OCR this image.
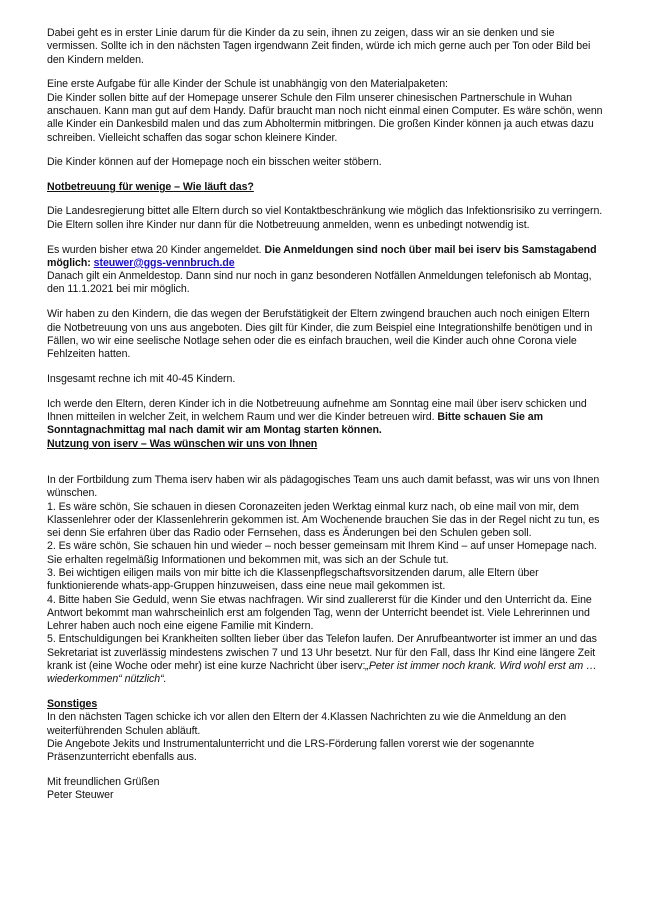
Dabei geht es in erster Linie darum für die Kinder da zu sein, ihnen zu zeigen, dass wir an sie denken und sie vermissen. Sollte ich in den nächsten Tagen irgendwann Zeit finden, würde ich mich gerne auch per Ton oder Bild bei den Kindern melden.

Eine erste Aufgabe für alle Kinder der Schule ist unabhängig von den Materialpaketen:
Die Kinder sollen bitte auf der Homepage unserer Schule den Film unserer chinesischen Partnerschule in Wuhan anschauen. Kann man gut auf dem Handy. Dafür braucht man noch nicht einmal einen Computer. Es wäre schön, wenn alle Kinder ein Dankesbild malen und das zum Abholtermin mitbringen. Die großen Kinder können ja auch etwas dazu schreiben. Vielleicht schaffen das sogar schon kleinere Kinder.

Die Kinder können auf der Homepage noch ein bisschen weiter stöbern.

Notbetreuung für wenige – Wie läuft das?

Die Landesregierung bittet alle Eltern durch so viel Kontaktbeschränkung wie möglich das Infektionsrisiko zu verringern. Die Eltern sollen ihre Kinder nur dann für die Notbetreuung anmelden, wenn es unbedingt notwendig ist.

Es wurden bisher etwa 20 Kinder angemeldet. Die Anmeldungen sind noch über mail bei iserv bis Samstagabend möglich: steuwer@ggs-vennbruch.de
Danach gilt ein Anmeldestop. Dann sind nur noch in ganz besonderen Notfällen Anmeldungen telefonisch ab Montag, den 11.1.2021 bei mir möglich.

Wir haben zu den Kindern, die das wegen der Berufstätigkeit der Eltern zwingend brauchen auch noch einigen Eltern die Notbetreuung von uns aus angeboten. Dies gilt für Kinder, die zum Beispiel eine Integrationshilfe benötigen und in Fällen, wo wir eine seelische Notlage sehen oder die es einfach brauchen, weil die Kinder auch ohne Corona viele Fehlzeiten hatten.

Insgesamt rechne ich mit 40-45 Kindern.

Ich werde den Eltern, deren Kinder ich in die Notbetreuung aufnehme am Sonntag eine mail über iserv schicken und Ihnen mitteilen in welcher Zeit, in welchem Raum und wer die Kinder betreuen wird. Bitte schauen Sie am Sonntagnachmittag mal nach damit wir am Montag starten können.

Nutzung von iserv – Was wünschen wir uns von Ihnen

In der Fortbildung zum Thema iserv haben wir als pädagogisches Team uns auch damit befasst, was wir uns von Ihnen wünschen.
1. Es wäre schön, Sie schauen in diesen Coronazeiten jeden Werktag einmal kurz nach, ob eine mail von mir, dem Klassenlehrer oder der Klassenlehrerin gekommen ist. Am Wochenende brauchen Sie das in der Regel nicht zu tun, es sei denn Sie erfahren über das Radio oder Fernsehen, dass es Änderungen bei den Schulen geben soll.
2. Es wäre schön, Sie schauen hin und wieder – noch besser gemeinsam mit Ihrem Kind – auf unser Homepage nach. Sie erhalten regelmäßig Informationen und bekommen mit, was sich an der Schule tut.
3. Bei wichtigen eiligen mails von mir bitte ich die Klassenpflegschaftsvorsitzenden darum, alle Eltern über funktionierende whats-app-Gruppen hinzuweisen, dass eine neue mail gekommen ist.
4. Bitte haben Sie Geduld, wenn Sie etwas nachfragen. Wir sind zuallererst für die Kinder und den Unterricht da. Eine Antwort bekommt man wahrscheinlich erst am folgenden Tag, wenn der Unterricht beendet ist. Viele Lehrerinnen und Lehrer haben auch noch eine eigene Familie mit Kindern.
5. Entschuldigungen bei Krankheiten sollten lieber über das Telefon laufen. Der Anrufbeantworter ist immer an und das Sekretariat ist zuverlässig mindestens zwischen 7 und 13 Uhr besetzt. Nur für den Fall, dass Ihr Kind eine längere Zeit krank ist (eine Woche oder mehr) ist eine kurze Nachricht über iserv:„Peter ist immer noch krank. Wird wohl erst am … wiederkommen“ nützlich“.

Sonstiges

In den nächsten Tagen schicke ich vor allen den Eltern der 4.Klassen Nachrichten zu wie die Anmeldung an den weiterführenden Schulen abläuft.
Die Angebote Jekits und Instrumentalunterricht und die LRS-Förderung fallen vorerst wie der sogenannte Präsenzunterricht ebenfalls aus.

Mit freundlichen Grüßen
Peter Steuwer
